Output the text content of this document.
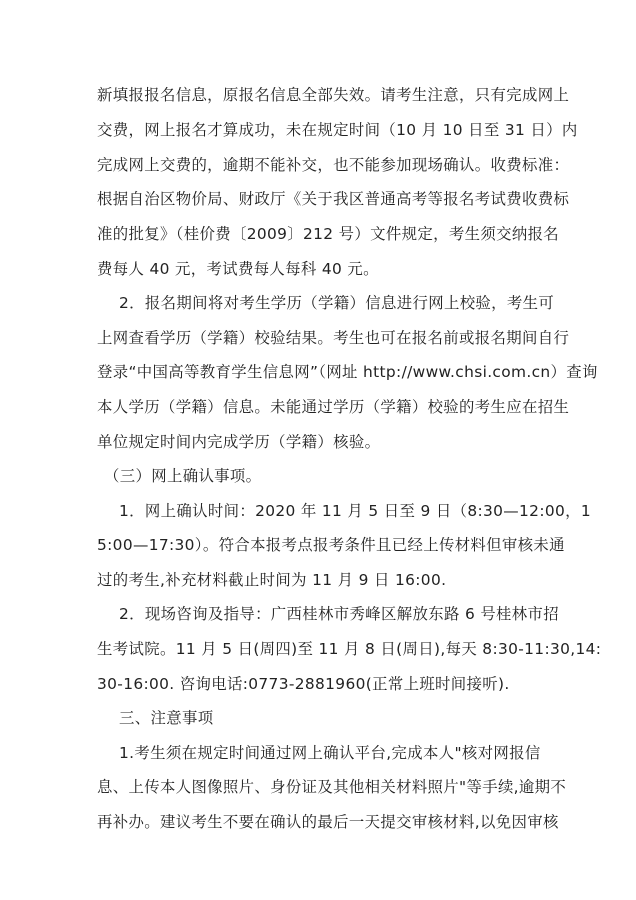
新填报报名信息，原报名信息全部失效。请考生注意，只有完成网上
交费，网上报名才算成功，未在规定时间（10 月 10 日至 31 日）内
完成网上交费的，逾期不能补交，也不能参加现场确认。收费标准：
根据自治区物价局、财政厅《关于我区普通高考等报名考试费收费标
准的批复》（桂价费〔2009〕212 号）文件规定，考生须交纳报名
费每人 40 元，考试费每人每科 40 元。
2．报名期间将对考生学历（学籍）信息进行网上校验，考生可
上网查看学历（学籍）校验结果。考生也可在报名前或报名期间自行
登录“中国高等教育学生信息网”（网址 http://www.chsi.com.cn）查询
本人学历（学籍）信息。未能通过学历（学籍）校验的考生应在招生
单位规定时间内完成学历（学籍）核验。
（三）网上确认事项。
1．网上确认时间：2020 年 11 月 5 日至 9 日（8:30—12:00，1
5:00—17:30）。符合本报考点报考条件且已经上传材料但审核未通
过的考生,补充材料截止时间为 11 月 9 日 16:00.
2．现场咨询及指导：广西桂林市秀峰区解放东路 6 号桂林市招
生考试院。11 月 5 日(周四)至 11 月 8 日(周日),每天 8:30-11:30,14:
30-16:00. 咨询电话:0773-2881960(正常上班时间接听).
三、注意事项
1.考生须在规定时间通过网上确认平台,完成本人"核对网报信
息、上传本人图像照片、身份证及其他相关材料照片"等手续,逾期不
再补办。建议考生不要在确认的最后一天提交审核材料,以免因审核
